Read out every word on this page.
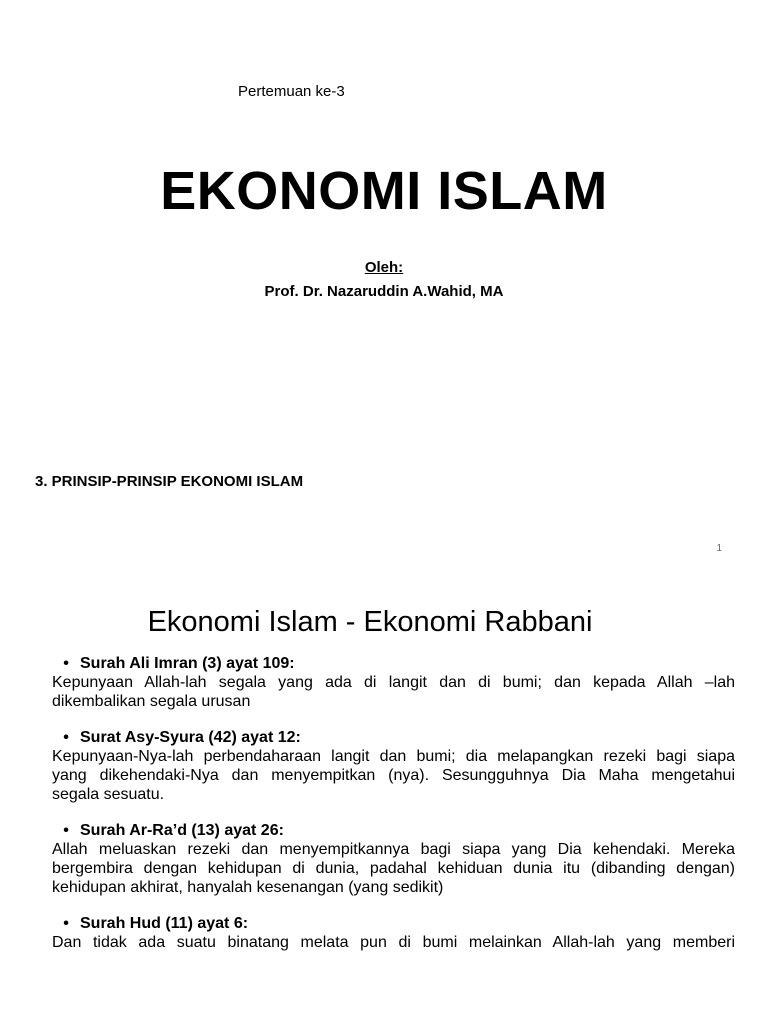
Pertemuan ke-3
EKONOMI ISLAM
Oleh:
Prof. Dr. Nazaruddin A.Wahid, MA
3. PRINSIP-PRINSIP EKONOMI ISLAM
1
Ekonomi Islam - Ekonomi Rabbani
• Surah Ali Imran (3) ayat 109:

Kepunyaan Allah-lah segala yang ada di langit dan di bumi; dan kepada Allah –lah

dikembalikan segala urusan

• Surat Asy-Syura (42) ayat 12:

Kepunyaan-Nya-lah perbendaharaan langit dan bumi; dia melapangkan rezeki bagi siapa

yang dikehendaki-Nya dan menyempitkan (nya). Sesungguhnya Dia Maha mengetahui

segala sesuatu.

• Surah Ar-Ra’d (13) ayat 26:

Allah meluaskan rezeki dan menyempitkannya bagi siapa yang Dia kehendaki. Mereka

bergembira dengan kehidupan di dunia, padahal kehiduan dunia itu (dibanding dengan)

kehidupan akhirat, hanyalah kesenangan (yang sedikit)

• Surah Hud (11) ayat 6:

Dan tidak ada suatu binatang melata pun di bumi melainkan Allah-lah yang memberi
